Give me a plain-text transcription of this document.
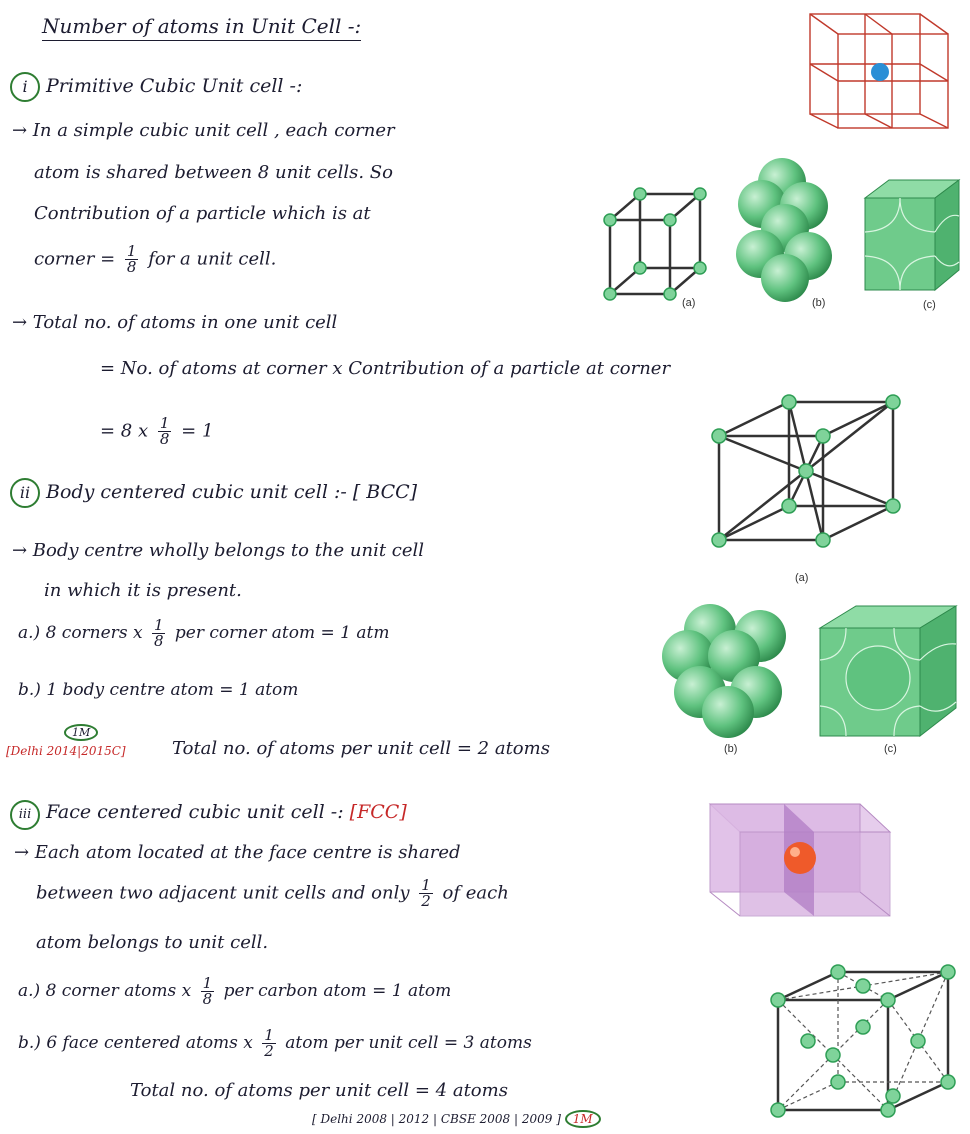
Number of atoms in Unit Cell -:
i Primitive Cubic Unit cell -:
→ In a simple cubic unit cell , each corner
atom is shared between 8 unit cells. So
Contribution of a particle which is at
corner = $\frac{1}{8}$ for a unit cell.
→ Total no. of atoms in one unit cell
= No. of atoms at corner x Contribution of a particle at corner
= 8 x $\frac{1}{8} = 1$
ii Body centered cubic unit cell :- [ BCC]
→ Body centre wholly belongs to the unit cell
in which it is present.
a.) 8 corners x $\frac{1}{8}$ per corner atom = 1 atm
b.) 1 body centre atom = 1 atom
1M
[Delhi 2014|2015C]	Total no. of atoms per unit cell = 2 atoms
iii Face centered cubic unit cell -: [FCC]
→ Each atom located at the face centre is shared
between two adjacent unit cells and only $\frac{1}{2}$ of each
atom belongs to unit cell.
a.) 8 corner atoms x $\frac{1}{8}$ per carbon atom = 1 atom
b.) 6 face centered atoms x $\frac{1}{2}$ atom per unit cell = 3 atoms
Total no. of atoms per unit cell = 4 atoms
[ Delhi 2008 | 2012 | CBSE 2008 | 2009 ] 1M
(a)	(b)	(c)
(a)
(b)	(c)
